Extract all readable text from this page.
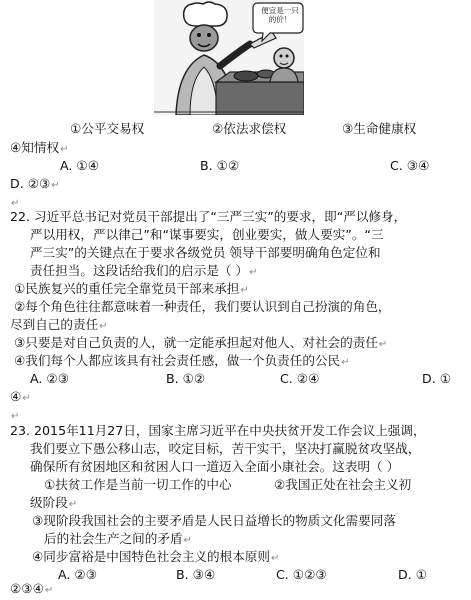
便宜是一只的价！
①公平交易权	②依法求偿权	③生命健康权
④知情权↵
A. ①④	B. ①②	C. ③④
D. ②③↵
↵
22. 习近平总书记对党员干部提出了“三严三实”的要求，即“严以修身，
严以用权，严以律己”和“谋事要实，创业要实，做人要实”。“三
严三实”的关键点在于要求各级党员 领导干部要明确角色定位和
责任担当。这段话给我们的启示是（ ）↵
①民族复兴的重任完全靠党员干部来承担↵
②每个角色往往都意味着一种责任，我们要认识到自己扮演的角色，
尽到自己的责任↵
③只要是对自己负责的人，就一定能承担起对他人、对社会的责任↵
④我们每个人都应该具有社会责任感，做一个负责任的公民↵
A. ②③	B. ①②	C. ②④	D. ①
④↵
↵
23. 2015年11月27日，国家主席习近平在中央扶贫开发工作会议上强调，
我们要立下愚公移山志，咬定目标，苦干实干，坚决打赢脱贫攻坚战，
确保所有贫困地区和贫困人口一道迈入全面小康社会。这表明（ ）
①扶贫工作是当前一切工作的中心	②我国正处在社会主义初
级阶段↵
③现阶段我国社会的主要矛盾是人民日益增长的物质文化需要同落
后的社会生产之间的矛盾↵
④同步富裕是中国特色社会主义的根本原则↵
A. ②③	B. ③④	C. ①②③	D. ①
②③④↵
